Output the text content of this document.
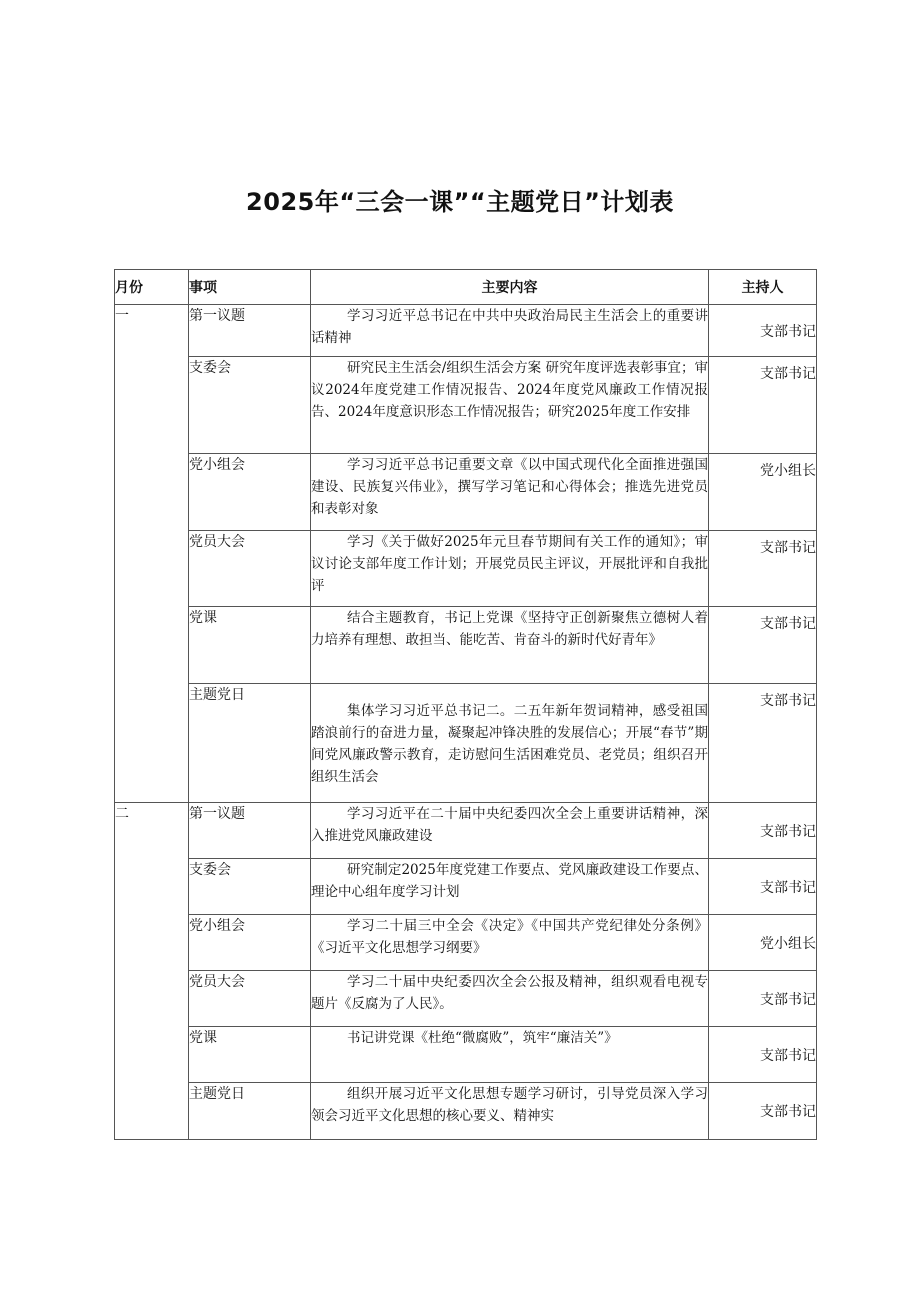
2025年“三会一课”“主题党日”计划表
月份	事项	主要内容	主持人
一	第一议题	学习习近平总书记在中共中央政治局民主生活会上的重要讲话精神	支部书记
	支委会	研究民主生活会/组织生活会方案 研究年度评选表彰事宜；审议2024年度党建工作情况报告、2024年度党风廉政工作情况报告、2024年度意识形态工作情况报告；研究2025年度工作安排	支部书记
	党小组会	学习习近平总书记重要文章《以中国式现代化全面推进强国建设、民族复兴伟业》，撰写学习笔记和心得体会；推选先进党员和表彰对象	党小组长
	党员大会	学习《关于做好2025年元旦春节期间有关工作的通知》；审议讨论支部年度工作计划；开展党员民主评议，开展批评和自我批评	支部书记
	党课	结合主题教育，书记上党课《坚持守正创新聚焦立德树人着力培养有理想、敢担当、能吃苦、肯奋斗的新时代好青年》	支部书记
	主题党日	集体学习习近平总书记二。二五年新年贺词精神，感受祖国踏浪前行的奋进力量，凝聚起冲锋决胜的发展信心；开展“春节”期间党风廉政警示教育，走访慰问生活困难党员、老党员；组织召开组织生活会	支部书记
二	第一议题	学习习近平在二十届中央纪委四次全会上重要讲话精神，深入推进党风廉政建设	支部书记
	支委会	研究制定2025年度党建工作要点、党风廉政建设工作要点、理论中心组年度学习计划	支部书记
	党小组会	学习二十届三中全会《决定》《中国共产党纪律处分条例》《习近平文化思想学习纲要》	党小组长
	党员大会	学习二十届中央纪委四次全会公报及精神，组织观看电视专题片《反腐为了人民》。	支部书记
	党课	书记讲党课《杜绝“微腐败”，筑牢“廉洁关”》	支部书记
	主题党日	组织开展习近平文化思想专题学习研讨，引导党员深入学习领会习近平文化思想的核心要义、精神实	支部书记
